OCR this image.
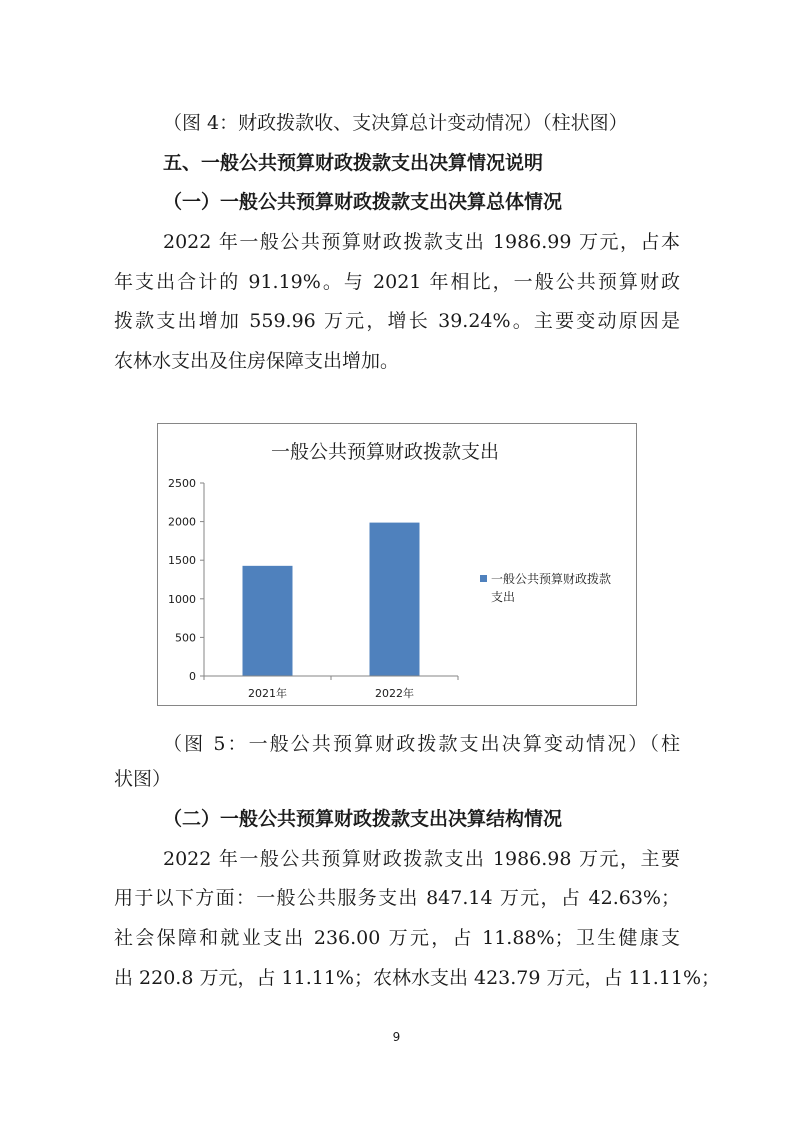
（图 4：财政拨款收、支决算总计变动情况）（柱状图）
五、一般公共预算财政拨款支出决算情况说明
（一）一般公共预算财政拨款支出决算总体情况
2022 年一般公共预算财政拨款支出 1986.99 万元，占本
年支出合计的 91.19%。与 2021 年相比，一般公共预算财政
拨款支出增加 559.96 万元，增长 39.24%。主要变动原因是
农林水支出及住房保障支出增加。
一般公共预算财政拨款支出
0
500
1000
1500
2000
2500
2021年	2022年
一般公共预算财政拨款
支出
（图 5：一般公共预算财政拨款支出决算变动情况）（柱
状图）
（二）一般公共预算财政拨款支出决算结构情况
2022 年一般公共预算财政拨款支出 1986.98 万元，主要
用于以下方面：一般公共服务支出 847.14 万元，占 42.63%；
社会保障和就业支出 236.00 万元，占 11.88%；卫生健康支
出 220.8 万元，占 11.11%；农林水支出 423.79 万元，占 11.11%；
9
